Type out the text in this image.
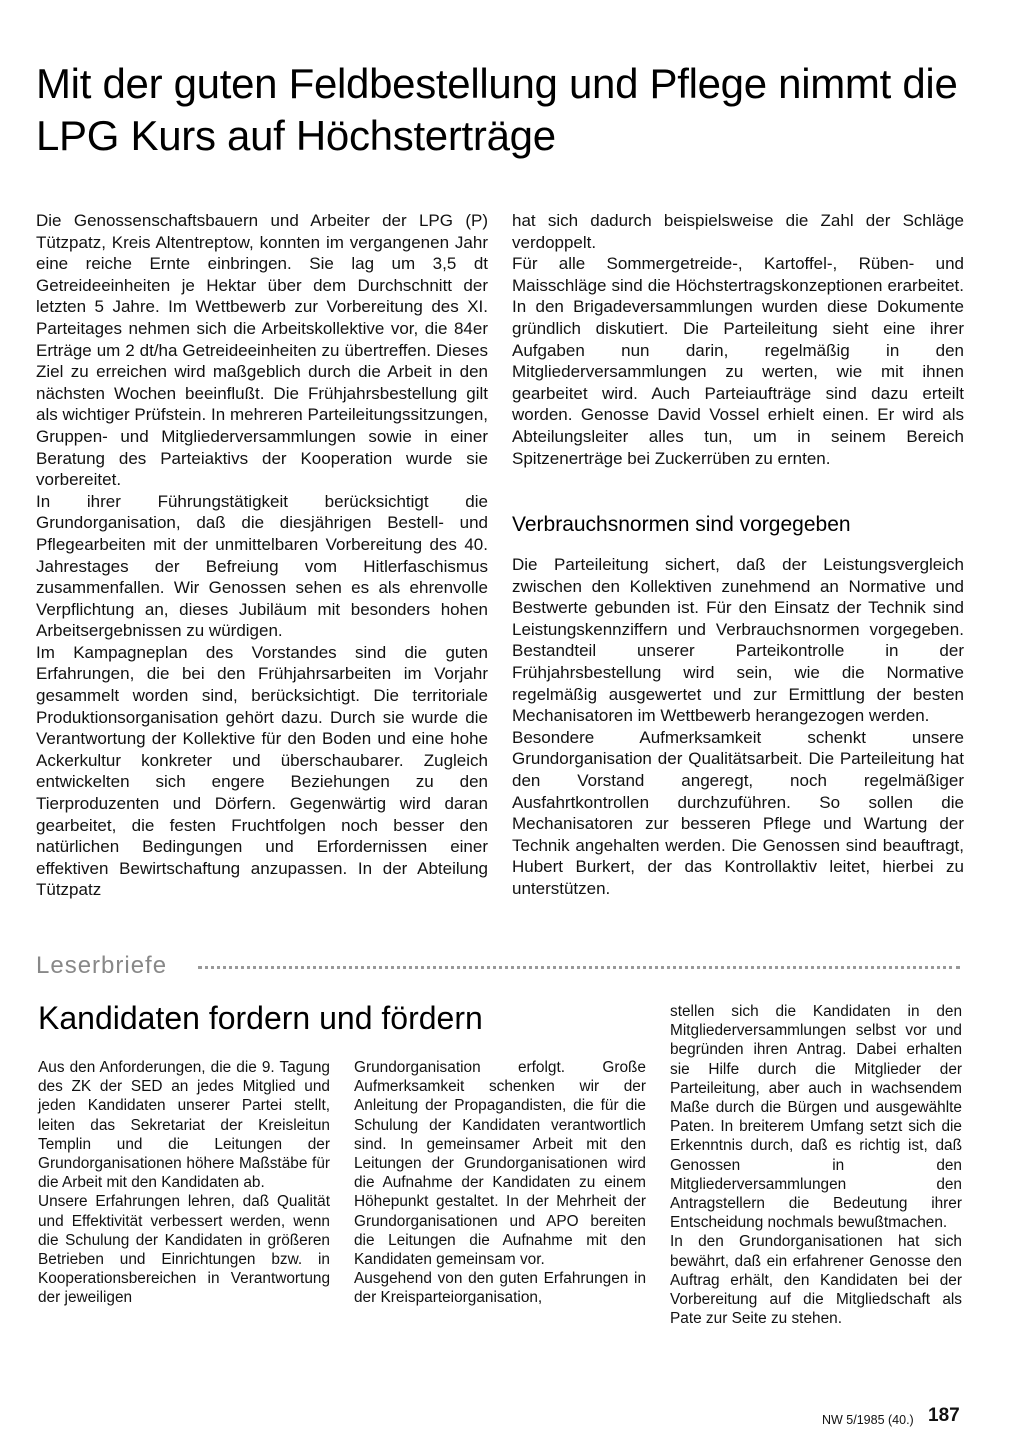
Mit der guten Feldbestellung und Pflege nimmt die LPG Kurs auf Höchsterträge

Die Genossenschaftsbauern und Arbeiter der LPG (P) Tützpatz, Kreis Altentreptow, konnten im vergangenen Jahr eine reiche Ernte einbringen. Sie lag um 3,5 dt Getreideeinheiten je Hektar über dem Durchschnitt der letzten 5 Jahre. Im Wettbewerb zur Vorbereitung des XI. Parteitages nehmen sich die Arbeitskollektive vor, die 84er Erträge um 2 dt/ha Getreideeinheiten zu übertreffen. Dieses Ziel zu erreichen wird maßgeblich durch die Arbeit in den nächsten Wochen beeinflußt. Die Frühjahrsbestellung gilt als wichtiger Prüfstein. In mehreren Parteileitungssitzungen, Gruppen- und Mitgliederversammlungen sowie in einer Beratung des Parteiaktivs der Kooperation wurde sie vorbereitet.

In ihrer Führungstätigkeit berücksichtigt die Grundorganisation, daß die diesjährigen Bestell- und Pflegearbeiten mit der unmittelbaren Vorbereitung des 40. Jahrestages der Befreiung vom Hitlerfaschismus zusammenfallen. Wir Genossen sehen es als ehrenvolle Verpflichtung an, dieses Jubiläum mit besonders hohen Arbeitsergebnissen zu würdigen.

Im Kampagneplan des Vorstandes sind die guten Erfahrungen, die bei den Frühjahrsarbeiten im Vorjahr gesammelt worden sind, berücksichtigt. Die territoriale Produktionsorganisation gehört dazu. Durch sie wurde die Verantwortung der Kollektive für den Boden und eine hohe Ackerkultur konkreter und überschaubarer. Zugleich entwickelten sich engere Beziehungen zu den Tierproduzenten und Dörfern. Gegenwärtig wird daran gearbeitet, die festen Fruchtfolgen noch besser den natürlichen Bedingungen und Erfordernissen einer effektiven Bewirtschaftung anzupassen. In der Abteilung Tützpatz

hat sich dadurch beispielsweise die Zahl der Schläge verdoppelt.

Für alle Sommergetreide-, Kartoffel-, Rüben- und Maisschläge sind die Höchstertragskonzeptionen erarbeitet. In den Brigadeversammlungen wurden diese Dokumente gründlich diskutiert. Die Parteileitung sieht eine ihrer Aufgaben nun darin, regelmäßig in den Mitgliederversammlungen zu werten, wie mit ihnen gearbeitet wird. Auch Parteiaufträge sind dazu erteilt worden. Genosse David Vossel erhielt einen. Er wird als Abteilungsleiter alles tun, um in seinem Bereich Spitzenerträge bei Zuckerrüben zu ernten.

Verbrauchsnormen sind vorgegeben

Die Parteileitung sichert, daß der Leistungsvergleich zwischen den Kollektiven zunehmend an Normative und Bestwerte gebunden ist. Für den Einsatz der Technik sind Leistungskennziffern und Verbrauchsnormen vorgegeben. Bestandteil unserer Parteikontrolle in der Frühjahrsbestellung wird sein, wie die Normative regelmäßig ausgewertet und zur Ermittlung der besten Mechanisatoren im Wettbewerb herangezogen werden.

Besondere Aufmerksamkeit schenkt unsere Grundorganisation der Qualitätsarbeit. Die Parteileitung hat den Vorstand angeregt, noch regelmäßiger Ausfahrtkontrollen durchzuführen. So sollen die Mechanisatoren zur besseren Pflege und Wartung der Technik angehalten werden. Die Genossen sind beauftragt, Hubert Burkert, der das Kontrollaktiv leitet, hierbei zu unterstützen.

Leserbriefe
Kandidaten fordern und fördern

Aus den Anforderungen, die die 9. Tagung des ZK der SED an jedes Mitglied und jeden Kandidaten unserer Partei stellt, leiten das Sekretariat der Kreisleitun Templin und die Leitungen der Grundorganisationen höhere Maßstäbe für die Arbeit mit den Kandidaten ab.

Unsere Erfahrungen lehren, daß Qualität und Effektivität verbessert werden, wenn die Schulung der Kandidaten in größeren Betrieben und Einrichtungen bzw. in Kooperationsbereichen in Verantwortung der jeweiligen

Grundorganisation erfolgt. Große Aufmerksamkeit schenken wir der Anleitung der Propagandisten, die für die Schulung der Kandidaten verantwortlich sind. In gemeinsamer Arbeit mit den Leitungen der Grundorganisationen wird die Aufnahme der Kandidaten zu einem Höhepunkt gestaltet. In der Mehrheit der Grundorganisationen und APO bereiten die Leitungen die Aufnahme mit den Kandidaten gemeinsam vor.

Ausgehend von den guten Erfahrungen in der Kreisparteiorganisation,

stellen sich die Kandidaten in den Mitgliederversammlungen selbst vor und begründen ihren Antrag. Dabei erhalten sie Hilfe durch die Mitglieder der Parteileitung, aber auch in wachsendem Maße durch die Bürgen und ausgewählte Paten. In breiterem Umfang setzt sich die Erkenntnis durch, daß es richtig ist, daß Genossen in den Mitgliederversammlungen den Antragstellern die Bedeutung ihrer Entscheidung nochmals bewußtmachen.

In den Grundorganisationen hat sich bewährt, daß ein erfahrener Genosse den Auftrag erhält, den Kandidaten bei der Vorbereitung auf die Mitgliedschaft als Pate zur Seite zu stehen.

NW 5/1985 (40.) 187
